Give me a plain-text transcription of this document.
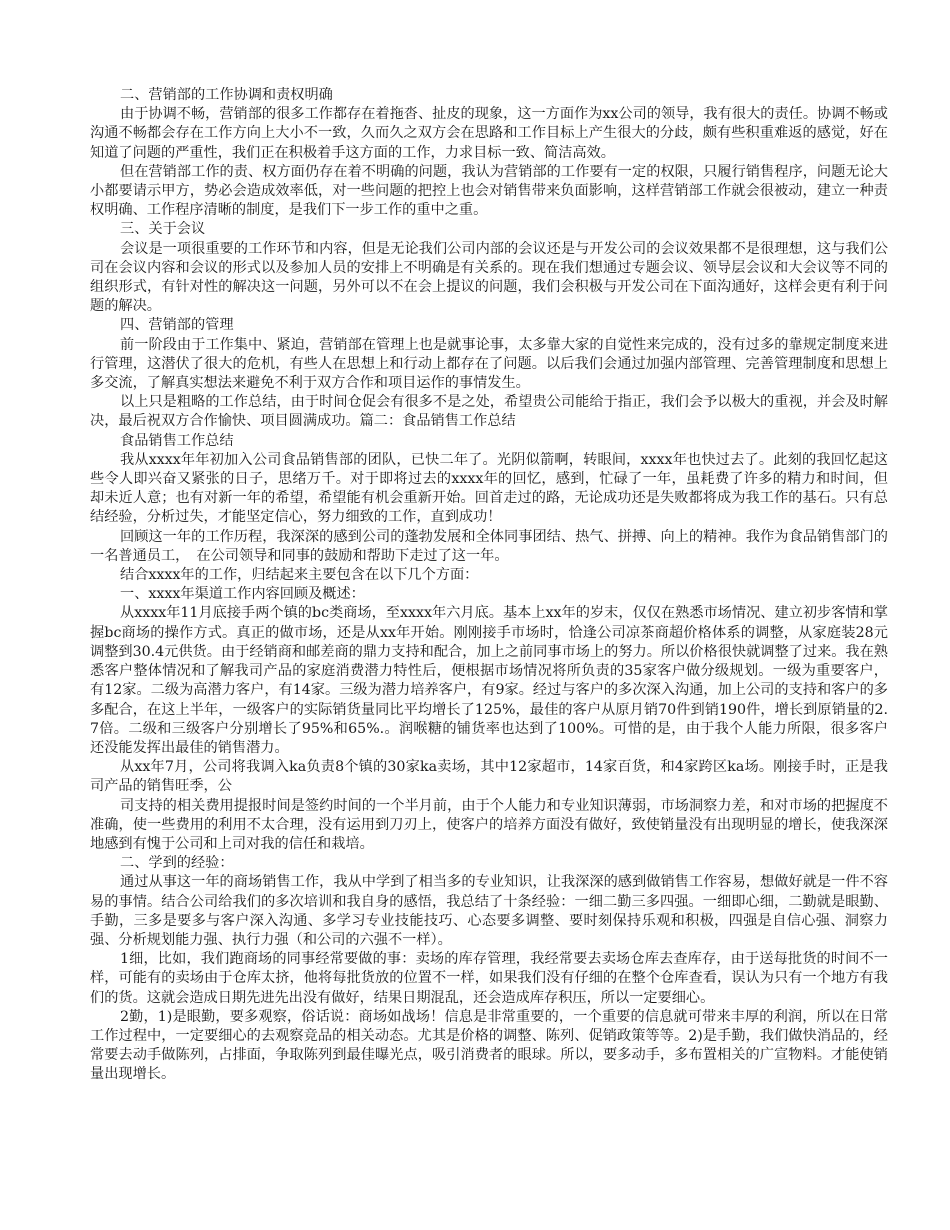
二、营销部的工作协调和责权明确

由于协调不畅，营销部的很多工作都存在着拖沓、扯皮的现象，这一方面作为xx公司的领导，我有很大的责任。协调不畅或沟通不畅都会存在工作方向上大小不一致，久而久之双方会在思路和工作目标上产生很大的分歧，颇有些积重难返的感觉，好在知道了问题的严重性，我们正在积极着手这方面的工作，力求目标一致、简洁高效。

但在营销部工作的责、权方面仍存在着不明确的问题，我认为营销部的工作要有一定的权限，只履行销售程序，问题无论大小都要请示甲方，势必会造成效率低，对一些问题的把控上也会对销售带来负面影响，这样营销部工作就会很被动，建立一种责权明确、工作程序清晰的制度，是我们下一步工作的重中之重。

三、关于会议

会议是一项很重要的工作环节和内容，但是无论我们公司内部的会议还是与开发公司的会议效果都不是很理想，这与我们公司在会议内容和会议的形式以及参加人员的安排上不明确是有关系的。现在我们想通过专题会议、领导层会议和大会议等不同的组织形式，有针对性的解决这一问题，另外可以不在会上提议的问题，我们会积极与开发公司在下面沟通好，这样会更有利于问题的解决。

四、营销部的管理

前一阶段由于工作集中、紧迫，营销部在管理上也是就事论事，太多靠大家的自觉性来完成的，没有过多的靠规定制度来进行管理，这潜伏了很大的危机，有些人在思想上和行动上都存在了问题。以后我们会通过加强内部管理、完善管理制度和思想上多交流，了解真实想法来避免不利于双方合作和项目运作的事情发生。

以上只是粗略的工作总结，由于时间仓促会有很多不是之处，希望贵公司能给于指正，我们会予以极大的重视，并会及时解决，最后祝双方合作愉快、项目圆满成功。篇二：食品销售工作总结

食品销售工作总结

我从xxxx年年初加入公司食品销售部的团队，已快二年了。光阴似箭啊，转眼间，xxxx年也快过去了。此刻的我回忆起这些令人即兴奋又紧张的日子，思绪万千。对于即将过去的xxxx年的回忆，感到，忙碌了一年，虽耗费了许多的精力和时间，但却未近人意；也有对新一年的希望，希望能有机会重新开始。回首走过的路，无论成功还是失败都将成为我工作的基石。只有总结经验，分析过失，才能坚定信心，努力细致的工作，直到成功！

回顾这一年的工作历程，我深深的感到公司的蓬勃发展和全体同事团结、热气、拼搏、向上的精神。我作为食品销售部门的一名普通员工，　在公司领导和同事的鼓励和帮助下走过了这一年。

结合xxxx年的工作，归结起来主要包含在以下几个方面：

一、xxxx年渠道工作内容回顾及概述：

从xxxx年11月底接手两个镇的bc类商场，至xxxx年六月底。基本上xx年的岁末，仅仅在熟悉市场情况、建立初步客情和掌握bc商场的操作方式。真正的做市场，还是从xx年开始。刚刚接手市场时，恰逢公司凉茶商超价格体系的调整，从家庭装28元调整到30.4元供货。由于经销商和邮差商的鼎力支持和配合，加上之前同事市场上的努力。所以价格很快就调整了过来。我在熟悉客户整体情况和了解我司产品的家庭消费潜力特性后，便根据市场情况将所负责的35家客户做分级规划。一级为重要客户，有12家。二级为高潜力客户，有14家。三级为潜力培养客户，有9家。经过与客户的多次深入沟通，加上公司的支持和客户的多多配合，在这上半年，一级客户的实际销货量同比平均增长了125%，最佳的客户从原月销70件到销190件，增长到原销量的2.7倍。二级和三级客户分别增长了95%和65%.。润喉糖的铺货率也达到了100%。可惜的是，由于我个人能力所限，很多客户还没能发挥出最佳的销售潜力。

从xx年7月，公司将我调入ka负责8个镇的30家ka卖场，其中12家超市，14家百货，和4家跨区ka场。刚接手时，正是我司产品的销售旺季，公

司支持的相关费用提报时间是签约时间的一个半月前，由于个人能力和专业知识薄弱，市场洞察力差，和对市场的把握度不准确，使一些费用的利用不太合理，没有运用到刀刃上，使客户的培养方面没有做好，致使销量没有出现明显的增长，使我深深地感到有愧于公司和上司对我的信任和栽培。

二、学到的经验：

通过从事这一年的商场销售工作，我从中学到了相当多的专业知识，让我深深的感到做销售工作容易，想做好就是一件不容易的事情。结合公司给我们的多次培训和我自身的感悟，我总结了十条经验：一细二勤三多四强。一细即心细，二勤就是眼勤、手勤，三多是要多与客户深入沟通、多学习专业技能技巧、心态要多调整、要时刻保持乐观和积极，四强是自信心强、洞察力强、分析规划能力强、执行力强（和公司的六强不一样）。

1细，比如，我们跑商场的同事经常要做的事：卖场的库存管理，我经常要去卖场仓库去查库存，由于送每批货的时间不一样，可能有的卖场由于仓库太挤，他将每批货放的位置不一样，如果我们没有仔细的在整个仓库查看，误认为只有一个地方有我们的货。这就会造成日期先进先出没有做好，结果日期混乱，还会造成库存积压，所以一定要细心。

2勤，1)是眼勤，要多观察，俗话说：商场如战场！信息是非常重要的，一个重要的信息就可带来丰厚的利润，所以在日常工作过程中，一定要细心的去观察竞品的相关动态。尤其是价格的调整、陈列、促销政策等等。2)是手勤，我们做快消品的，经常要去动手做陈列，占排面，争取陈列到最佳曝光点，吸引消费者的眼球。所以，要多动手，多布置相关的广宣物料。才能使销量出现增长。
